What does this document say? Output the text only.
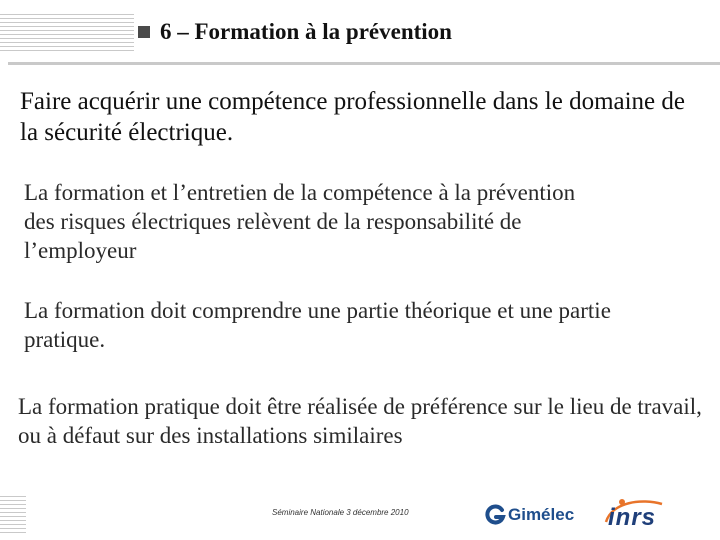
6 – Formation à la prévention
Faire acquérir une compétence professionnelle dans le domaine de la sécurité électrique.
La formation et l’entretien de la compétence à la prévention des risques électriques relèvent de la responsabilité de l’employeur
La formation doit comprendre une partie théorique et une partie pratique.
La formation pratique doit être réalisée de préférence sur le lieu de travail, ou à défaut sur des installations similaires
Séminaire Nationale 3 décembre 2010	Gimélec inrs
